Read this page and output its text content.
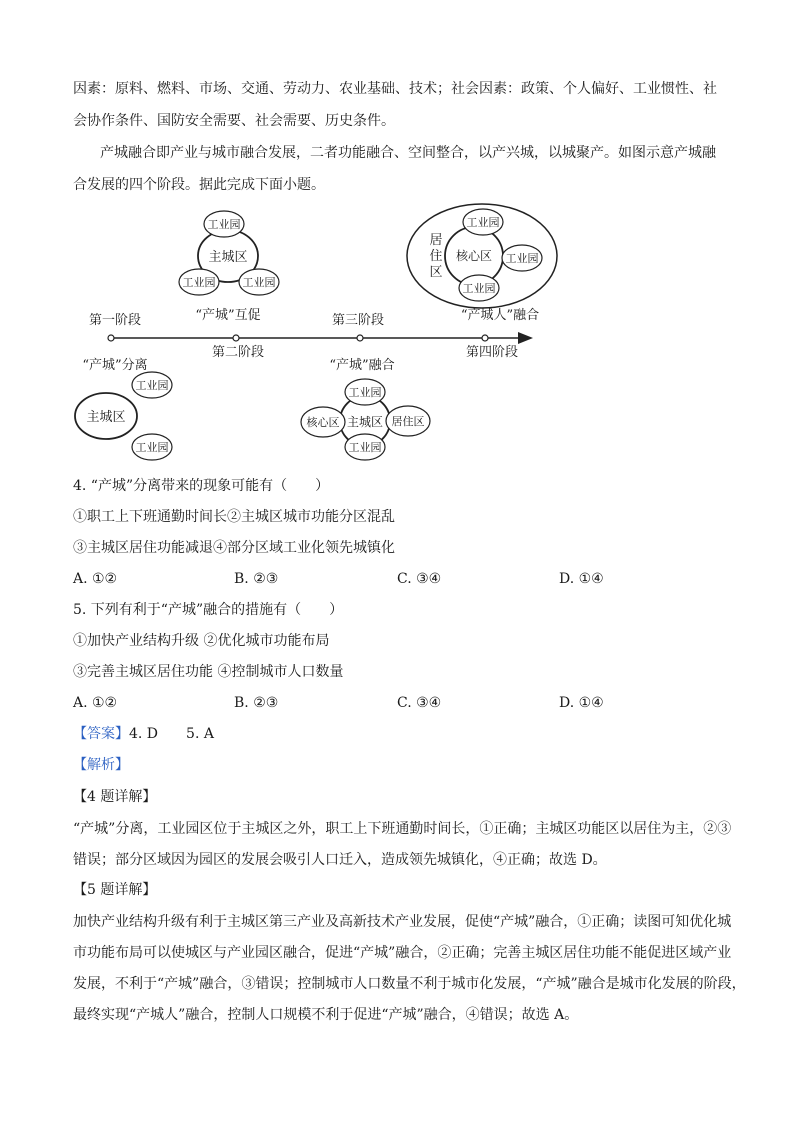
因素：原料、燃料、市场、交通、劳动力、农业基础、技术；社会因素：政策、个人偏好、工业惯性、社
会协作条件、国防安全需要、社会需要、历史条件。
产城融合即产业与城市融合发展，二者功能融合、空间整合，以产兴城，以城聚产。如图示意产城融
合发展的四个阶段。据此完成下面小题。
主城区
工业园
工业园 工业园
居
住
区
核心区
工业园
工业园
工业园
第一阶段	“产城”互促	第三阶段	“产城人”融合
第二阶段	第四阶段
“产城”分离	“产城”融合
主城区
工业园
工业园
主城区
工业园
工业园
核心区	居住区
4. “产城”分离带来的现象可能有（　　）
①职工上下班通勤时间长②主城区城市功能分区混乱
③主城区居住功能减退④部分区域工业化领先城镇化
A. ①②	B. ②③	C. ③④	D. ①④
5. 下列有利于“产城”融合的措施有（　　）
①加快产业结构升级 ②优化城市功能布局
③完善主城区居住功能 ④控制城市人口数量
A. ①②	B. ②③	C. ③④	D. ①④
【答案】4. D　　5. A
【解析】
【4 题详解】
“产城”分离，工业园区位于主城区之外，职工上下班通勤时间长，①正确；主城区功能区以居住为主，②③
错误；部分区域因为园区的发展会吸引人口迁入，造成领先城镇化，④正确；故选 D。
【5 题详解】
加快产业结构升级有利于主城区第三产业及高新技术产业发展，促使“产城”融合，①正确；读图可知优化城
市功能布局可以使城区与产业园区融合，促进“产城”融合，②正确；完善主城区居住功能不能促进区域产业
发展，不利于“产城”融合，③错误；控制城市人口数量不利于城市化发展，“产城”融合是城市化发展的阶段，
最终实现“产城人”融合，控制人口规模不利于促进“产城”融合，④错误；故选 A。
